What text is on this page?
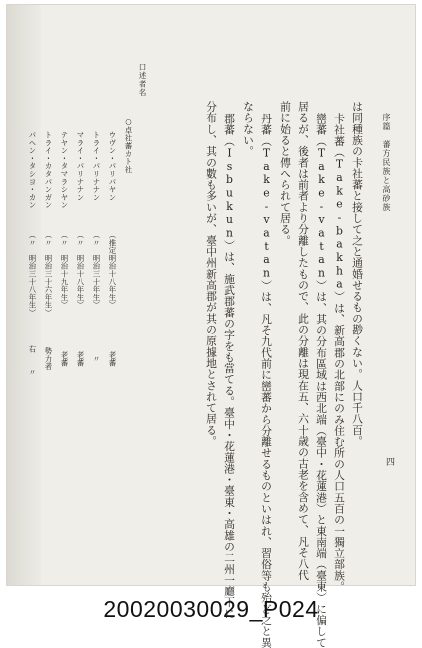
序篇　蕃方民族と高砂族
四
は同種族の卡社蕃と接して之と通婚せるもの尠くない。人口千八百。
卡社蕃（Take-bakha）は、新高郡の北部にのみ住む所の人口五百の一獨立部族。
巒蕃（Take-vatan）は、其の分布區域は西北端（臺中・花蓮港）と東南端（臺東）に偏して
居るが、後者は前者より分離したもので、此の分離は現在五、六十歳の古老を含めて、凡そ八代
前に始ると傳へられて居る。
丹蕃（Take-vatan）は、凡そ九代前に巒蕃から分離せるものといはれ、習俗等も殆ど之と異
ならない。
郡蕃（Isbukun）は、施武郡蕃の字をも當てる。臺中・花蓮港・臺東・高雄の二州一廳下に
分布し、其の數も多いが、臺中州新高郡が其の原據地とされて居る。
口述者名
○卓社蕃カト社
ウヴン・パリパヤン
（推定明治十八年生）
老蕃
トライ・パリナナン
（〃　明治三十年生）
〃
マライ・パリナナン
（〃　明治十八年生）
老蕃
テヤン・タマラシヤン
（〃　明治十九年生）
老蕃
トライ・カタパンガン
（〃　明治三十六年生）
勢力者
パヘン・タシヨ・カン
（〃　明治三十八年生）
右　　〃
20020030029_P024
